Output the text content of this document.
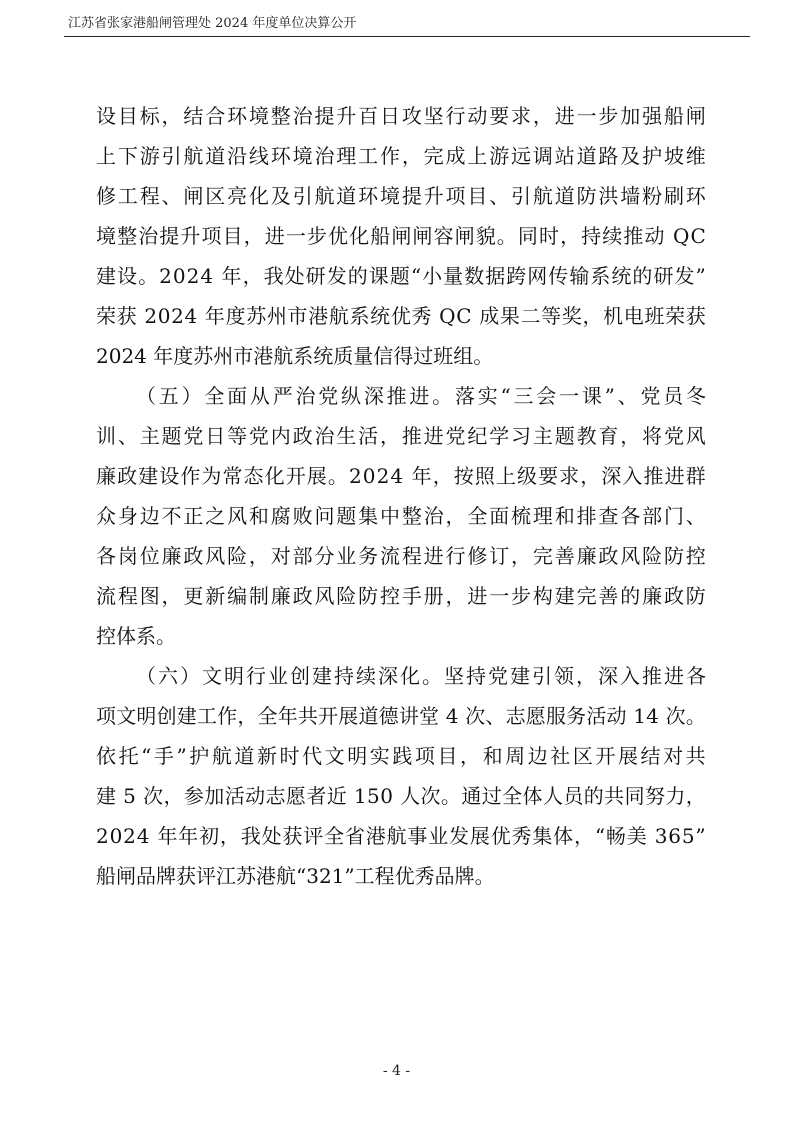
江苏省张家港船闸管理处 2024 年度单位决算公开
设 目 标 ， 结 合 环 境 整 治 提 升 百 日 攻 坚 行 动 要 求 ， 进 一 步 加 强 船 闸
上 下 游 引 航 道 沿 线 环 境 治 理 工 作 ， 完 成 上 游 远 调 站 道 路 及 护 坡 维
修 工 程 、 闸 区 亮 化 及 引 航 道 环 境 提 升 项 目 、 引 航 道 防 洪 墙 粉 刷 环
境 整 治 提 升 项 目 ， 进 一 步 优 化 船 闸 闸 容 闸 貌 。 同 时 ， 持 续 推 动
Q C
建 设 。 2 0 2 4
年 ， 我 处 研 发 的 课 题 “ 小 量 数 据 跨 网 传 输 系 统 的 研 发 ”
荣 获
2 0 2 4
年 度 苏 州 市 港 航 系 统 优 秀
Q C
成 果 二 等 奖 ， 机 电 班 荣 获
2024 年度苏州市港航系统质量信得过班组。
（ 五 ） 全 面 从 严 治 党 纵 深 推 进 。 落 实 “ 三 会 一 课 ” 、 党 员 冬
训 、 主 题 党 日 等 党 内 政 治 生 活 ， 推 进 党 纪 学 习 主 题 教 育 ， 将 党 风
廉 政 建 设 作 为 常 态 化 开 展 。 2 0 2 4
年 ， 按 照 上 级 要 求 ， 深 入 推 进 群
众 身 边 不 正 之 风 和 腐 败 问 题 集 中 整 治 ， 全 面 梳 理 和 排 查 各 部 门 、
各 岗 位 廉 政 风 险 ， 对 部 分 业 务 流 程 进 行 修 订 ， 完 善 廉 政 风 险 防 控
流 程 图 ， 更 新 编 制 廉 政 风 险 防 控 手 册 ， 进 一 步 构 建 完 善 的 廉 政 防
控体系。
（ 六 ） 文 明 行 业 创 建 持 续 深 化 。 坚 持 党 建 引 领 ， 深 入 推 进 各
项 文 明 创 建 工 作 ， 全 年 共 开 展 道 德 讲 堂
4
次 、 志 愿 服 务 活 动
1 4
次 。
依 托 “ 手 ” 护 航 道 新 时 代 文 明 实 践 项 目 ， 和 周 边 社 区 开 展 结 对 共
建
5
次 ， 参 加 活 动 志 愿 者 近
1 5 0
人 次 。 通 过 全 体 人 员 的 共 同 努 力 ，
2 0 2 4
年 年 初 ， 我 处 获 评 全 省 港 航 事 业 发 展 优 秀 集 体 ， “ 畅 美
3 6 5 ”
船闸品牌获评江苏港航“321”工程优秀品牌。
- 4 -
